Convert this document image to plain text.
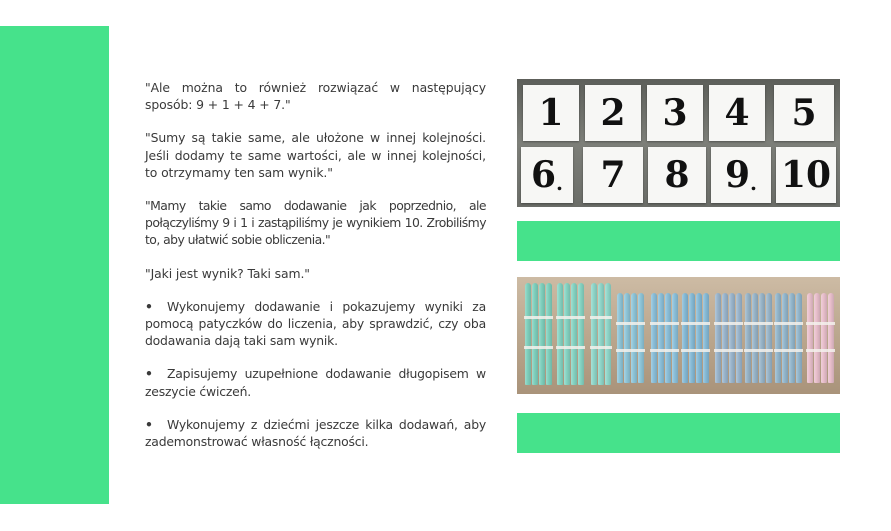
"Ale można to również rozwiązać w następujący sposób: 9 + 1 + 4 + 7."

"Sumy są takie same, ale ułożone w innej kolejności. Jeśli dodamy te same wartości, ale w innej kolejności, to otrzymamy ten sam wynik."

"Mamy takie samo dodawanie jak poprzednio, ale połączyliśmy 9 i 1 i zastąpiliśmy je wynikiem 10. Zrobiliśmy to, aby ułatwić sobie obliczenia."

"Jaki jest wynik? Taki sam."

• Wykonujemy dodawanie i pokazujemy wyniki za pomocą patyczków do liczenia, aby sprawdzić, czy oba dodawania dają taki sam wynik.

• Zapisujemy uzupełnione dodawanie długopisem w zeszycie ćwiczeń.

• Wykonujemy z dziećmi jeszcze kilka dodawań, aby zademonstrować własność łączności.

1 2 3 4 5
6 . 7 8 9 . 10
